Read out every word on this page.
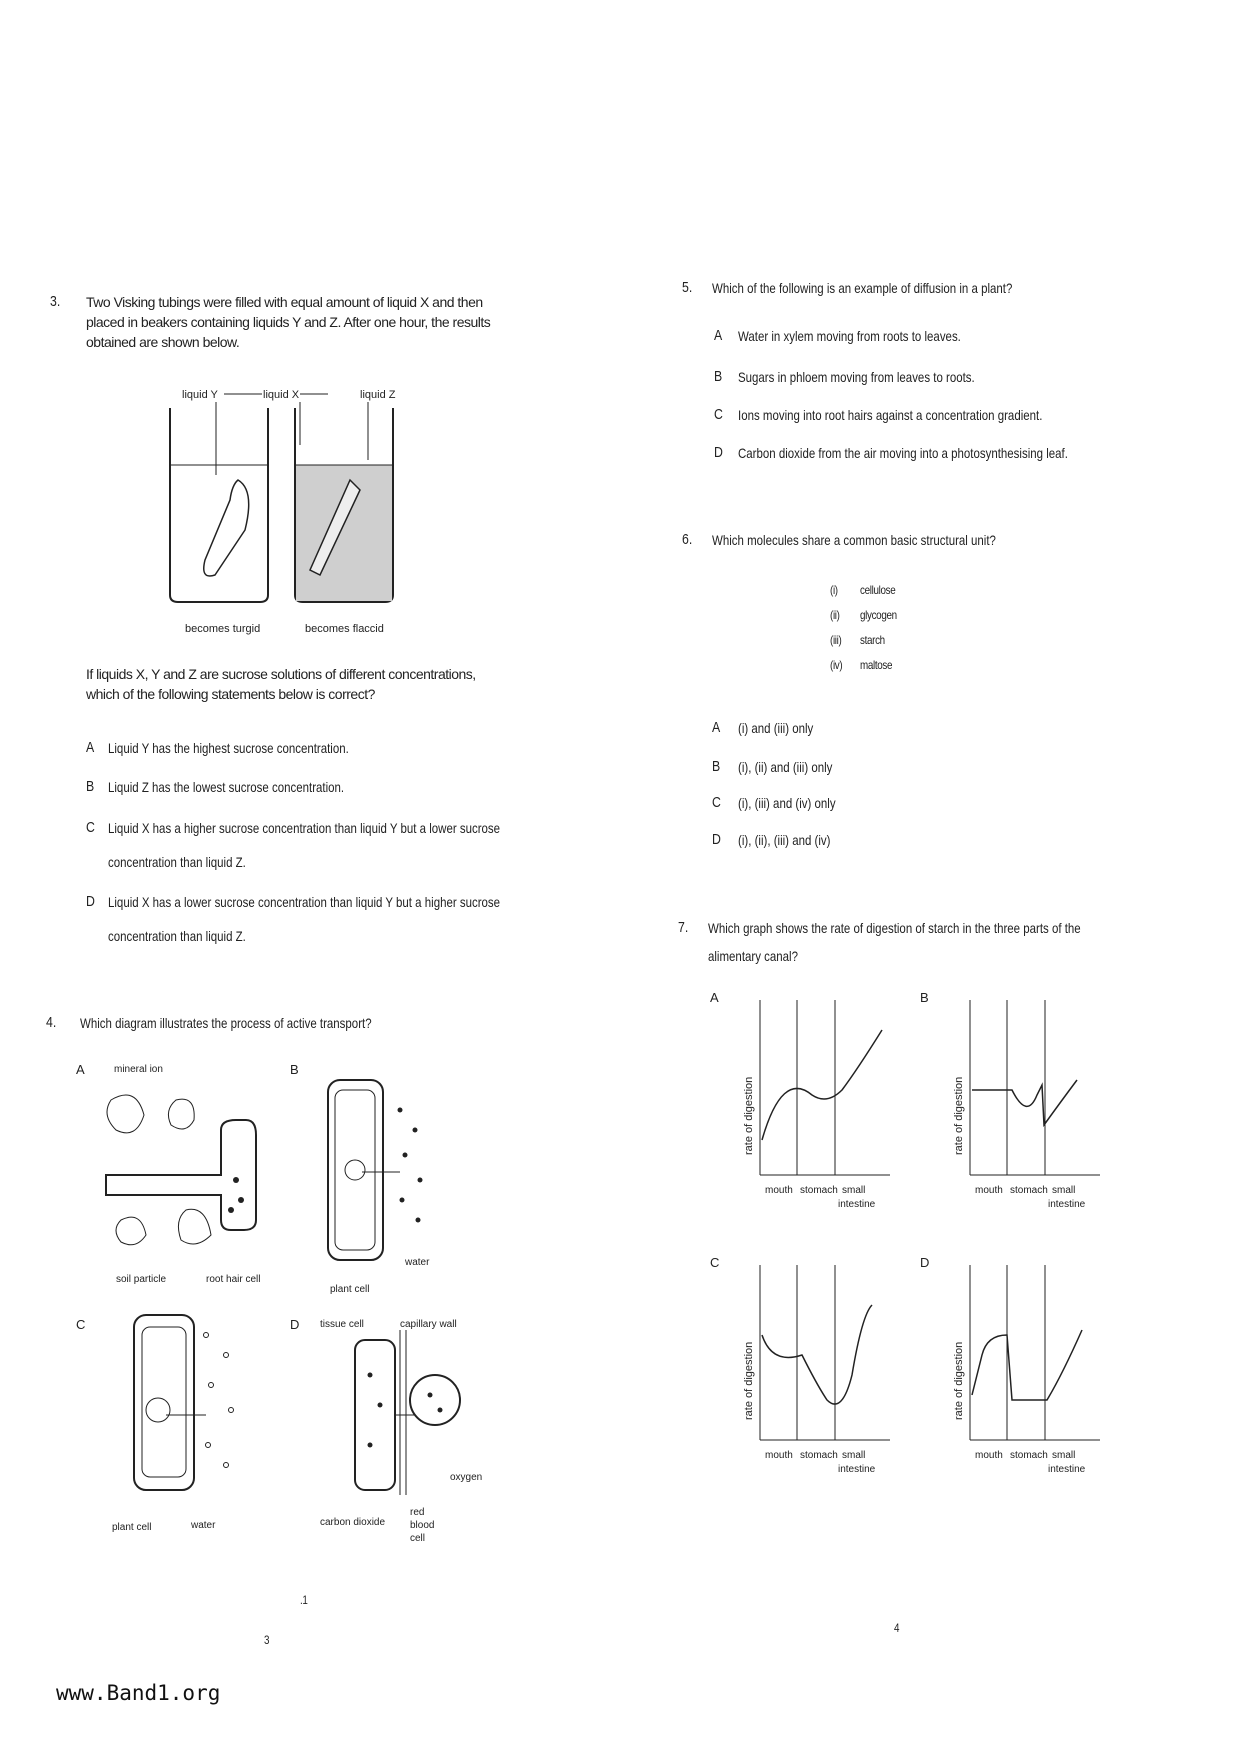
3. Two Visking tubings were filled with equal amount of liquid X and then placed in beakers containing liquids Y and Z. After one hour, the results obtained are shown below.
liquid Y	liquid X	liquid Z
becomes turgid	becomes flaccid
If liquids X, Y and Z are sucrose solutions of different concentrations, which of the following statements below is correct?
A Liquid Y has the highest sucrose concentration.
B Liquid Z has the lowest sucrose concentration.
C Liquid X has a higher sucrose concentration than liquid Y but a lower sucrose
concentration than liquid Z.
D Liquid X has a lower sucrose concentration than liquid Y but a higher sucrose
concentration than liquid Z.
4. Which diagram illustrates the process of active transport?
A	mineral ion
soil particle	root hair cell
B
plant cell
water
C
plant cell	water
D tissue cell	capillary wall
oxygen
carbon dioxide
red
blood
cell
.1
3
5. Which of the following is an example of diffusion in a plant?
A Water in xylem moving from roots to leaves.
B Sugars in phloem moving from leaves to roots.
C Ions moving into root hairs against a concentration gradient.
D Carbon dioxide from the air moving into a photosynthesising leaf.
6. Which molecules share a common basic structural unit?
(i) cellulose
(ii) glycogen
(iii) starch
(iv) maltose
A (i) and (iii) only
B (i), (ii) and (iii) only
C (i), (iii) and (iv) only
D (i), (ii), (iii) and (iv)
7. Which graph shows the rate of digestion of starch in the three parts of the
alimentary canal?
A
rate of digestion
mouth stomach small
intestine
B
rate of digestion
mouth stomach small
intestine
C
rate of digestion
mouth stomach small
intestine
D
rate of digestion
mouth stomach small
intestine
4
www.Band1.org
